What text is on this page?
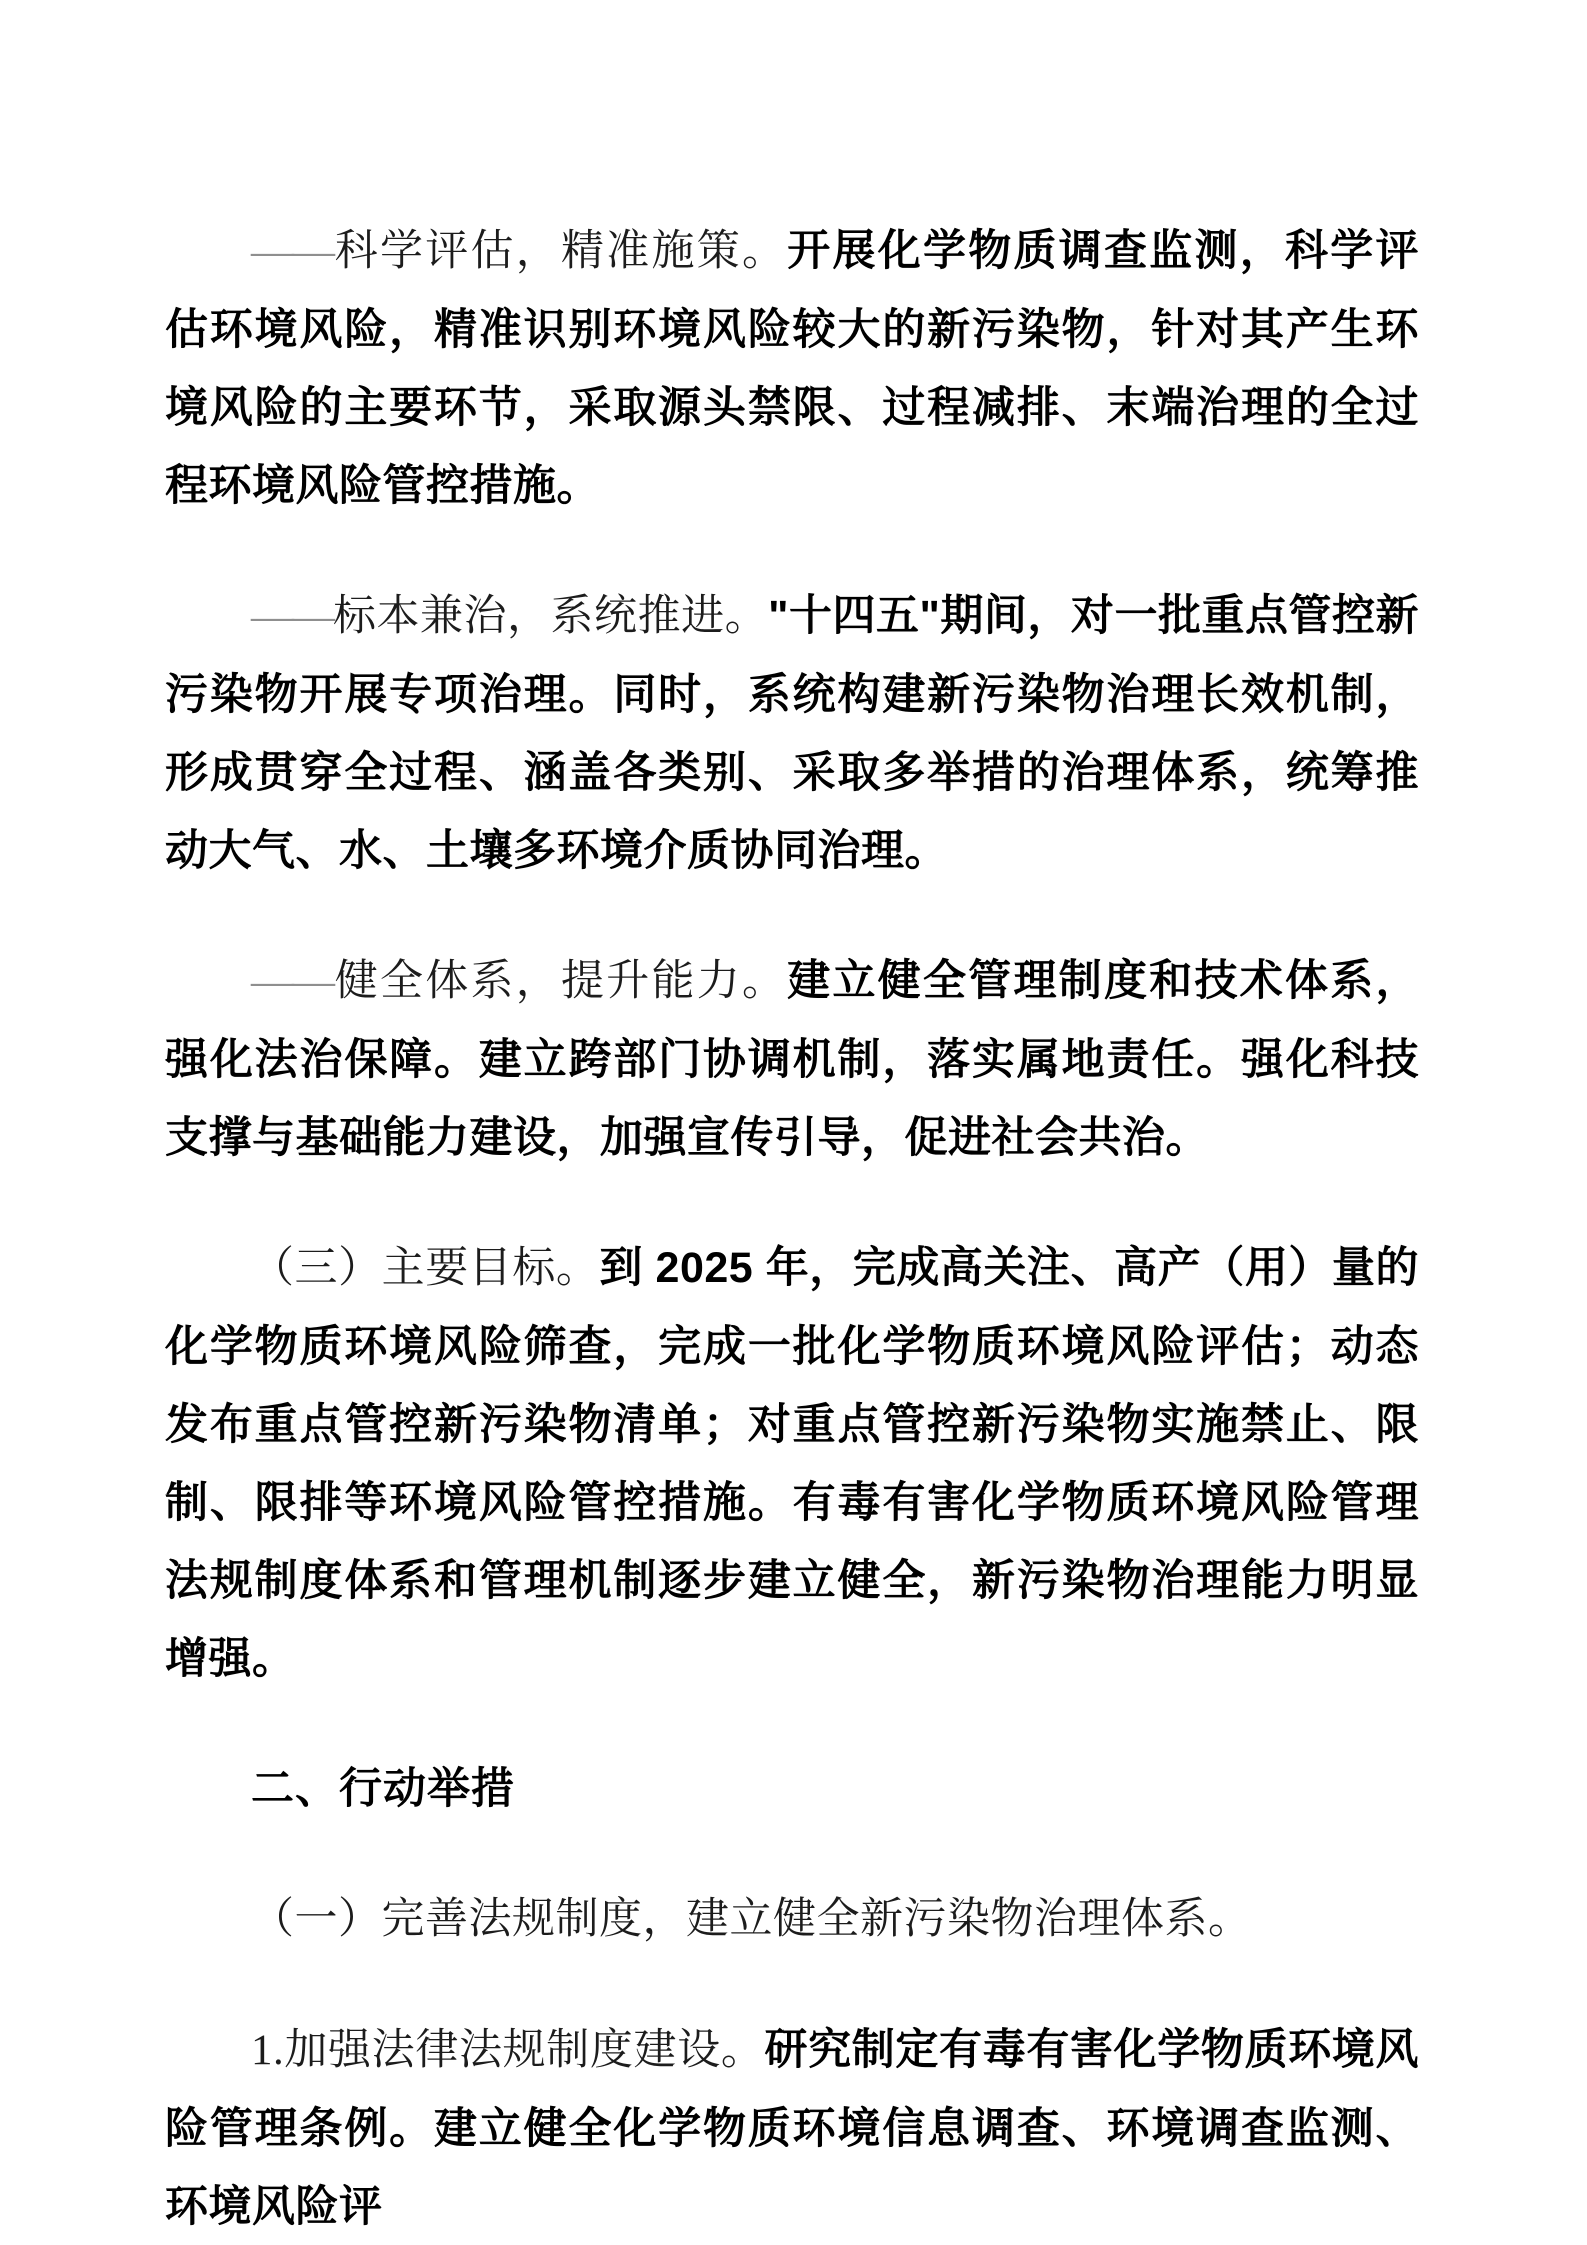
——科学评估，精准施策。开展化学物质调查监测，科学评估环境风险，精准识别环境风险较大的新污染物，针对其产生环境风险的主要环节，采取源头禁限、过程减排、末端治理的全过程环境风险管控措施。

——标本兼治，系统推进。"十四五"期间，对一批重点管控新污染物开展专项治理。同时，系统构建新污染物治理长效机制，形成贯穿全过程、涵盖各类别、采取多举措的治理体系，统筹推动大气、水、土壤多环境介质协同治理。

——健全体系，提升能力。建立健全管理制度和技术体系，强化法治保障。建立跨部门协调机制，落实属地责任。强化科技支撑与基础能力建设，加强宣传引导，促进社会共治。

（三）主要目标。到 2025 年，完成高关注、高产（用）量的化学物质环境风险筛查，完成一批化学物质环境风险评估；动态发布重点管控新污染物清单；对重点管控新污染物实施禁止、限制、限排等环境风险管控措施。有毒有害化学物质环境风险管理法规制度体系和管理机制逐步建立健全，新污染物治理能力明显增强。

二、行动举措

（一）完善法规制度，建立健全新污染物治理体系。

1.加强法律法规制度建设。研究制定有毒有害化学物质环境风险管理条例。建立健全化学物质环境信息调查、环境调查监测、环境风险评
